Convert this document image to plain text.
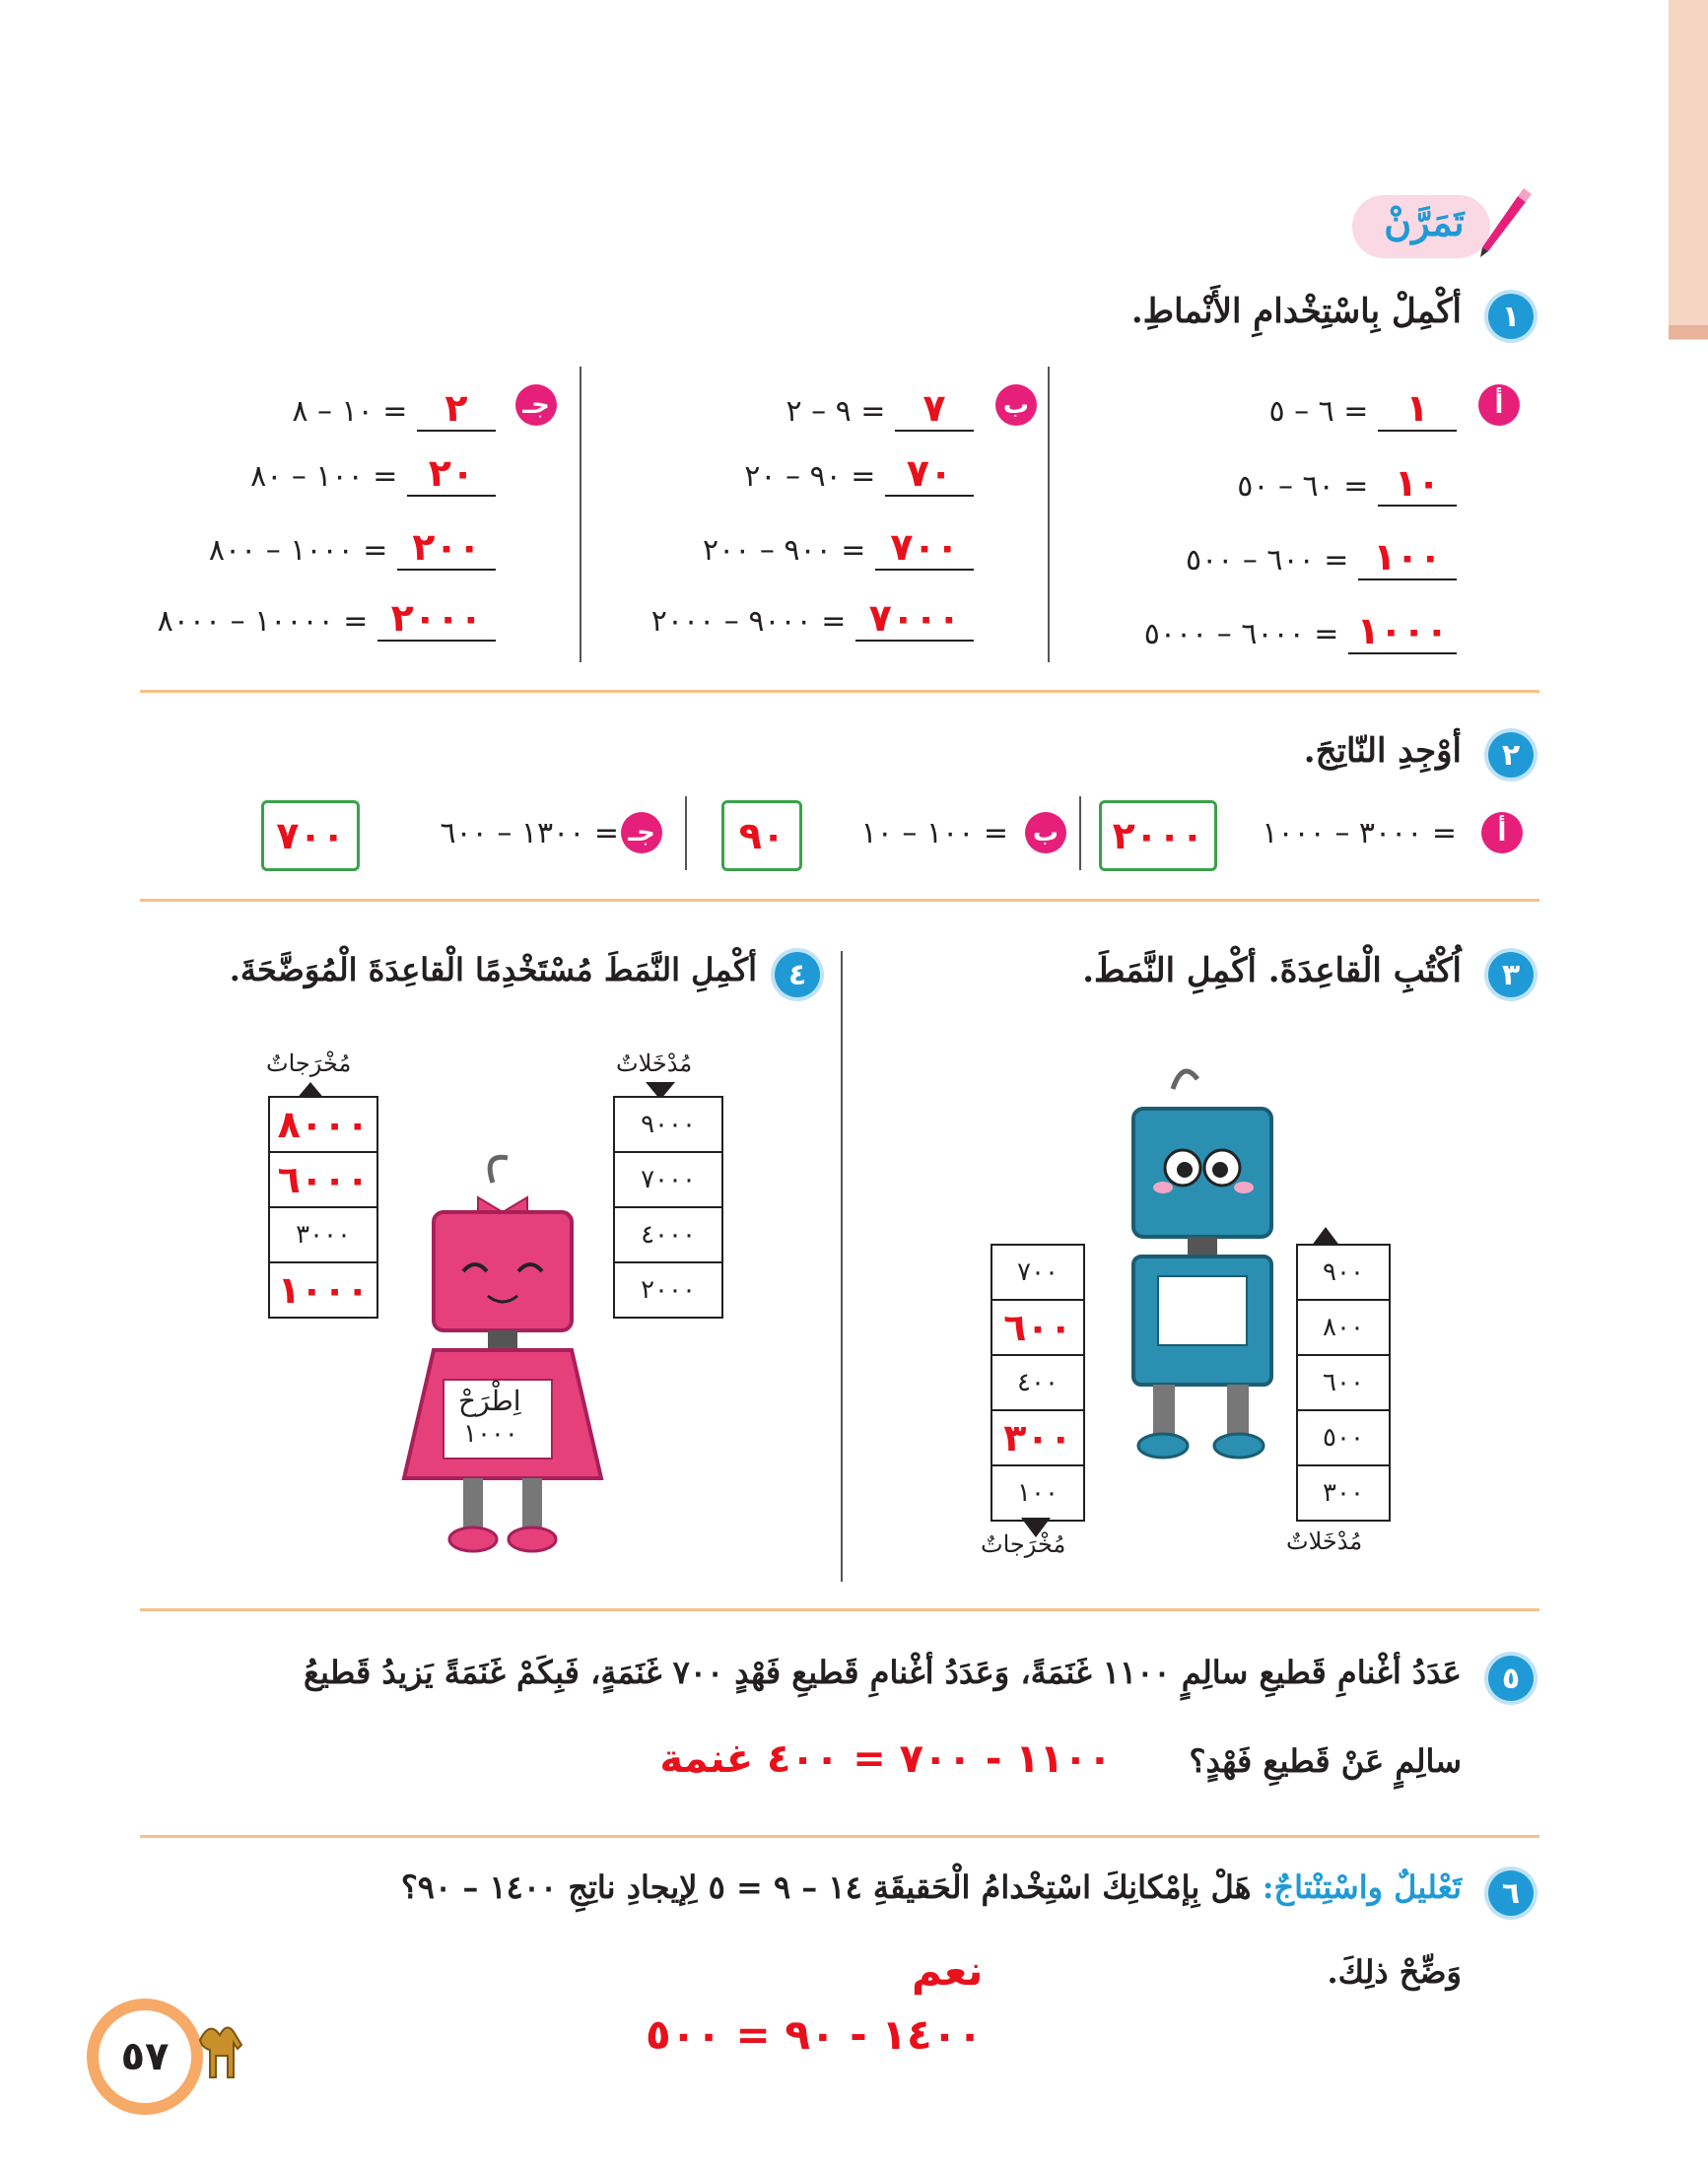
تَمَرَّنْ
١
أكْمِلْ بِاسْتِخْدامِ الأَنْماطِ.
أ
٦ – ٥ = ١
٦٠ – ٥٠ = ١٠
٦٠٠ – ٥٠٠ = ١٠٠
٦٠٠٠ – ٥٠٠٠ = ١٠٠٠
ب
٩ – ٢ = ٧
٩٠ – ٢٠ = ٧٠
٩٠٠ – ٢٠٠ = ٧٠٠
٩٠٠٠ – ٢٠٠٠ = ٧٠٠٠
جـ
١٠ – ٨ = ٢
١٠٠ – ٨٠ = ٢٠
١٠٠٠ – ٨٠٠ = ٢٠٠
١٠٠٠٠ – ٨٠٠٠ = ٢٠٠٠
٢
أوْجِدِ النّاتِجَ.
أ
٣٠٠٠ – ١٠٠٠ =
٢٠٠٠
ب
١٠٠ – ١٠ =
٩٠
جـ
١٣٠٠ – ٦٠٠ =
٧٠٠
٣
اُكْتُبِ الْقاعِدَةَ. أكْمِلِ النَّمَطَ.
مُدْخَلاتٌ
٩٠٠
٨٠٠
٦٠٠
٥٠٠
٣٠٠
٧٠٠
٦٠٠
٤٠٠
٣٠٠
١٠٠
مُخْرَجاتٌ
٤
أكْمِلِ النَّمَطَ مُسْتَخْدِمًا الْقاعِدَةَ الْمُوَضَّحَةَ.
مُدْخَلاتٌ
٩٠٠٠
٧٠٠٠
٤٠٠٠
٢٠٠٠
مُخْرَجاتٌ
٨٠٠٠
٦٠٠٠
٣٠٠٠
١٠٠٠
اِطْرَحْ
١٠٠٠
٥
عَدَدُ أغْنامِ قَطيعِ سالِمٍ ١١٠٠ غَنَمَةً، وَعَدَدُ أغْنامِ قَطيعِ فَهْدٍ ٧٠٠ غَنَمَةٍ، فَبِكَمْ غَنَمَةً يَزيدُ قَطيعُ
سالِمٍ عَنْ قَطيعِ فَهْدٍ؟
١١٠٠ - ٧٠٠ = ٤٠٠ غنمة
٦
تَعْليلٌ واسْتِنْتاجٌ: هَلْ بِإمْكانِكَ اسْتِخْدامُ الْحَقيقَةِ ١٤ – ٩ = ٥ لِإيجادِ ناتِجِ ١٤٠٠ – ٩٠؟
وَضِّحْ ذلِكَ.
نعم
١٤٠٠ - ٩٠ = ٥٠٠
٥٧
